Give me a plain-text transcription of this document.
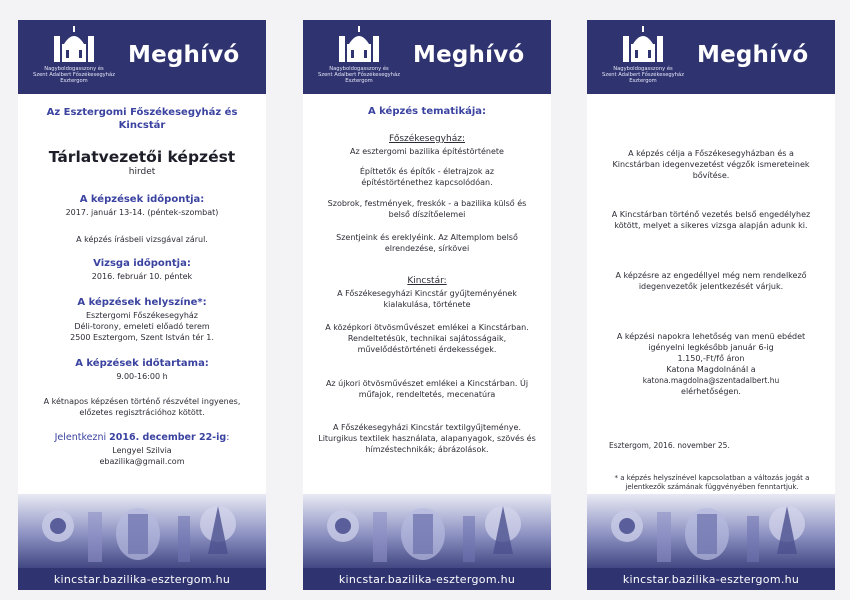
Nagyboldogasszony és
Szent Adalbert Főszékesegyház
Esztergom
Meghívó
Az Esztergomi Főszékesegyház és Kincstár
Tárlatvezetői képzést
hirdet
A képzések időpontja:
2017. január 13-14. (péntek-szombat)
A képzés írásbeli vizsgával zárul.
Vizsga időpontja:
2016. február 10. péntek
A képzések helyszíne*:
Esztergomi Főszékesegyház
Déli-torony, emeleti előadó terem
2500 Esztergom, Szent István tér 1.
A képzések időtartama:
9.00-16:00 h
A kétnapos képzésen történő részvétel ingyenes, előzetes regisztrációhoz kötött.
Jelentkezni 2016. december 22-ig:
Lengyel Szilvia
ebazilika@gmail.com
kincstar.bazilika-esztergom.hu
Nagyboldogasszony és
Szent Adalbert Főszékesegyház
Esztergom
Meghívó
A képzés tematikája:
Főszékesegyház:
Az esztergomi bazilika építéstörténete
Építtetők és építők - életrajzok az építéstörténethez kapcsolódóan.
Szobrok, festmények, freskók - a bazilika külső és belső díszítőelemei
Szentjeink és ereklyéink. Az Altemplom belső elrendezése, sírkövei
Kincstár:
A Főszékesegyházi Kincstár gyűjteményének kialakulása, története
A középkori ötvösművészet emlékei a Kincstárban. Rendeltetésük, technikai sajátosságaik, művelődéstörténeti érdekességek.
Az újkori ötvösművészet emlékei a Kincstárban. Új műfajok, rendeltetés, mecenatúra
A Főszékesegyházi Kincstár textilgyűjteménye. Liturgikus textilek használata, alapanyagok, szövés és hímzéstechnikák; ábrázolások.
kincstar.bazilika-esztergom.hu
Nagyboldogasszony és
Szent Adalbert Főszékesegyház
Esztergom
Meghívó
A képzés célja a Főszékesegyházban és a Kincstárban idegenvezetést végzők ismereteinek bővítése.
A Kincstárban történő vezetés belső engedélyhez kötött, melyet a sikeres vizsga alapján adunk ki.
A képzésre az engedéllyel még nem rendelkező idegenvezetők jelentkezését várjuk.
A képzési napokra lehetőség van menü ebédet igényelni legkésőbb január 6-ig
1.150,-Ft/fő áron
Katona Magdolnánál a
katona.magdolna@szentadalbert.hu
elérhetőségen.
Esztergom, 2016. november 25.
* a képzés helyszínével kapcsolatban a változás jogát a jelentkezők számának függvényében fenntartjuk.
kincstar.bazilika-esztergom.hu
